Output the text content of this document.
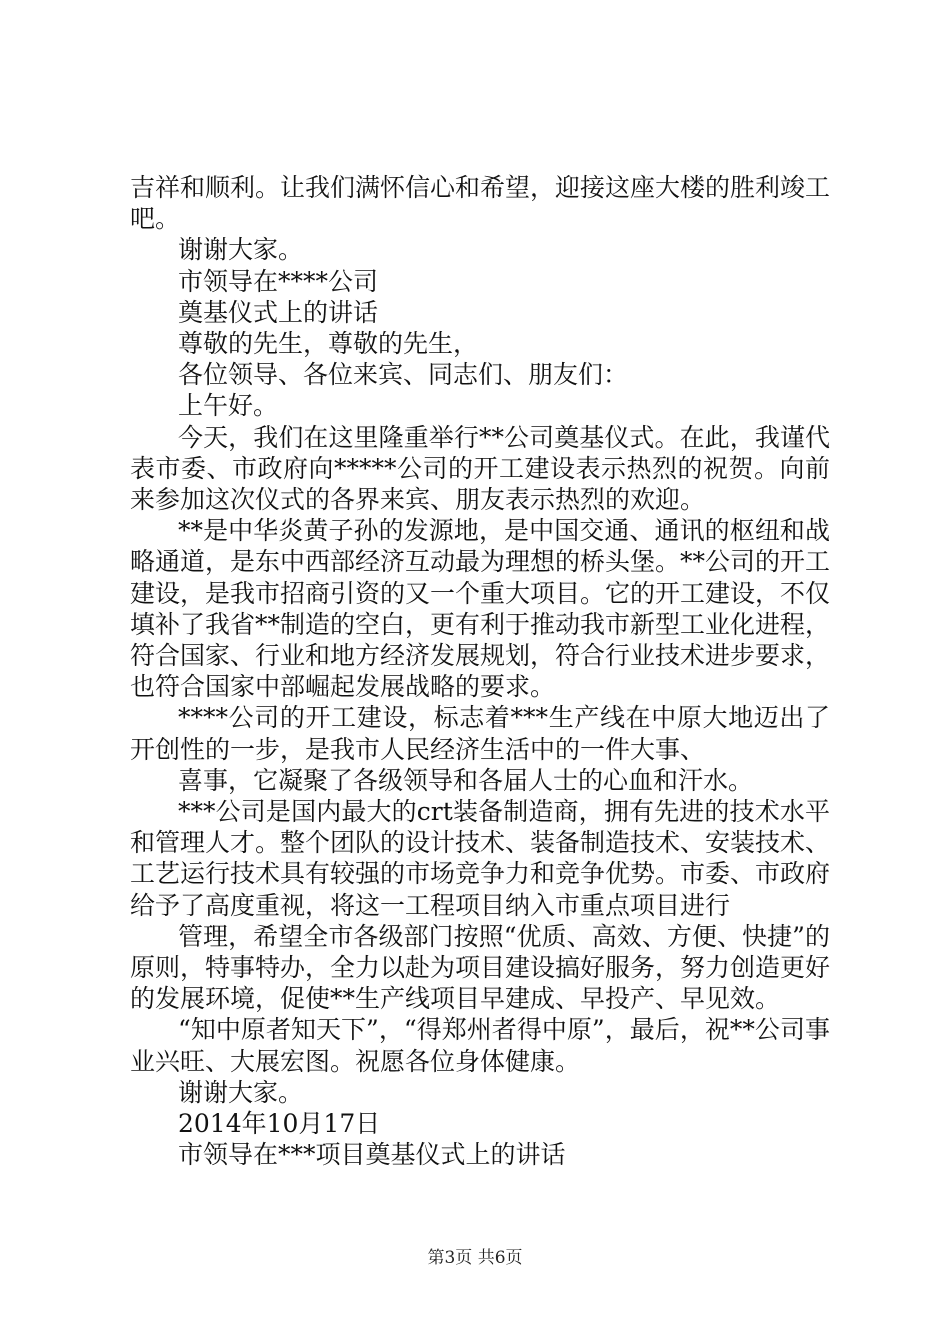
吉祥和顺利。让我们满怀信心和希望，迎接这座大楼的胜利竣工吧。

谢谢大家。

市领导在****公司

奠基仪式上的讲话

尊敬的先生，尊敬的先生，

各位领导、各位来宾、同志们、朋友们：

上午好。

今天，我们在这里隆重举行**公司奠基仪式。在此，我谨代表市委、市政府向*****公司的开工建设表示热烈的祝贺。向前来参加这次仪式的各界来宾、朋友表示热烈的欢迎。

**是中华炎黄子孙的发源地，是中国交通、通讯的枢纽和战略通道，是东中西部经济互动最为理想的桥头堡。**公司的开工建设，是我市招商引资的又一个重大项目。它的开工建设，不仅填补了我省**制造的空白，更有利于推动我市新型工业化进程，符合国家、行业和地方经济发展规划，符合行业技术进步要求，也符合国家中部崛起发展战略的要求。

****公司的开工建设，标志着***生产线在中原大地迈出了开创性的一步，是我市人民经济生活中的一件大事、

喜事，它凝聚了各级领导和各届人士的心血和汗水。

***公司是国内最大的crt装备制造商，拥有先进的技术水平和管理人才。整个团队的设计技术、装备制造技术、安装技术、工艺运行技术具有较强的市场竞争力和竞争优势。市委、市政府给予了高度重视，将这一工程项目纳入市重点项目进行

管理，希望全市各级部门按照“优质、高效、方便、快捷”的原则，特事特办，全力以赴为项目建设搞好服务，努力创造更好的发展环境，促使**生产线项目早建成、早投产、早见效。

“知中原者知天下”，“得郑州者得中原”，最后，祝**公司事业兴旺、大展宏图。祝愿各位身体健康。

谢谢大家。

2014年10月17日

市领导在***项目奠基仪式上的讲话

第3页 共6页
